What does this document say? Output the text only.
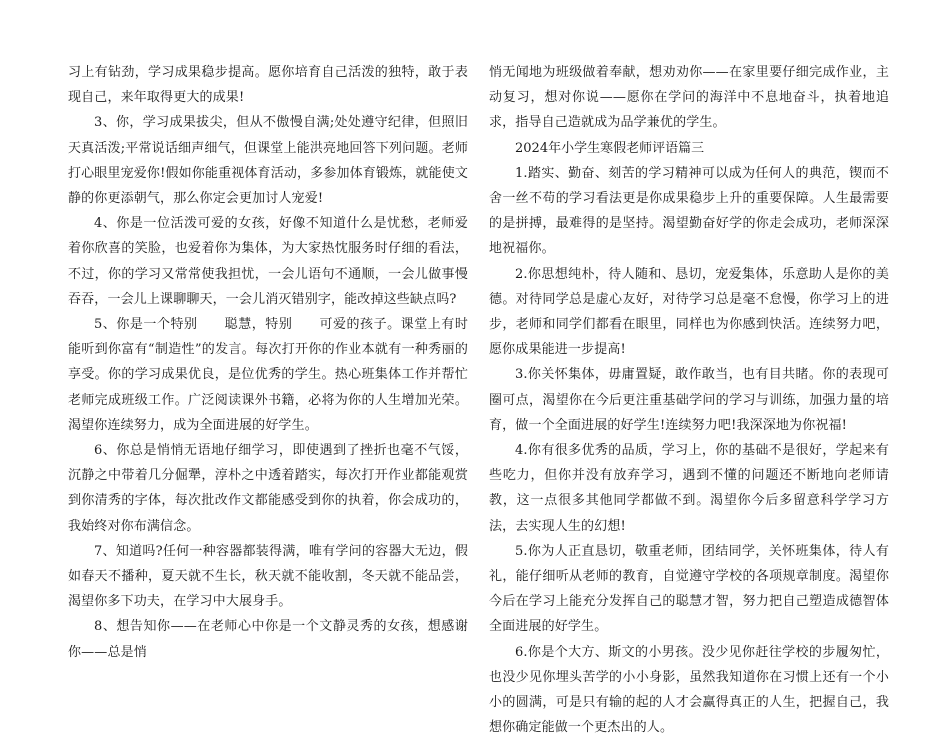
习上有钻劲，学习成果稳步提高。愿你培育自己活泼的独特，敢于表现自己，来年取得更大的成果!

3、你，学习成果拔尖，但从不傲慢自满;处处遵守纪律，但照旧天真活泼;平常说话细声细气，但课堂上能洪亮地回答下列问题。老师打心眼里宠爱你!假如你能重视体育活动，多参加体育锻炼，就能使文静的你更添朝气，那么你定会更加讨人宠爱!

4、你是一位活泼可爱的女孩，好像不知道什么是忧愁，老师爱着你欣喜的笑脸，也爱着你为集体，为大家热忱服务时仔细的看法，不过，你的学习又常常使我担忧，一会儿语句不通顺，一会儿做事慢吞吞，一会儿上课聊聊天，一会儿消灭错别字，能改掉这些缺点吗?

5、你是一个特别　　聪慧，特别　　可爱的孩子。课堂上有时能听到你富有“制造性”的发言。每次打开你的作业本就有一种秀丽的享受。你的学习成果优良，是位优秀的学生。热心班集体工作并帮忙老师完成班级工作。广泛阅读课外书籍，必将为你的人生增加光荣。渴望你连续努力，成为全面进展的好学生。

6、你总是悄悄无语地仔细学习，即使遇到了挫折也毫不气馁，沉静之中带着几分倔犟，淳朴之中透着踏实，每次打开作业都能观赏到你清秀的字体，每次批改作文都能感受到你的执着，你会成功的，我始终对你布满信念。

7、知道吗?任何一种容器都装得满，唯有学问的容器大无边，假如春天不播种，夏天就不生长，秋天就不能收割，冬天就不能品尝，渴望你多下功夫，在学习中大展身手。

8、想告知你——在老师心中你是一个文静灵秀的女孩，想感谢你——总是悄

悄无闻地为班级做着奉献，想劝劝你——在家里要仔细完成作业，主动复习，想对你说——愿你在学问的海洋中不息地奋斗，执着地追求，指导自己造就成为品学兼优的学生。

2024年小学生寒假老师评语篇三

1.踏实、勤奋、刻苦的学习精神可以成为任何人的典范，锲而不舍一丝不苟的学习看法更是你成果稳步上升的重要保障。人生最需要的是拼搏，最难得的是坚持。渴望勤奋好学的你走会成功，老师深深地祝福你。

2.你思想纯朴，待人随和、恳切，宠爱集体，乐意助人是你的美德。对待同学总是虚心友好，对待学习总是毫不怠慢，你学习上的进步，老师和同学们都看在眼里，同样也为你感到快活。连续努力吧，愿你成果能进一步提高!

3.你关怀集体，毋庸置疑，敢作敢当，也有目共睹。你的表现可圈可点，渴望你在今后更注重基础学问的学习与训练，加强力量的培育，做一个全面进展的好学生!连续努力吧!我深深地为你祝福!

4.你有很多优秀的品质，学习上，你的基础不是很好，学起来有些吃力，但你并没有放弃学习，遇到不懂的问题还不断地向老师请教，这一点很多其他同学都做不到。渴望你今后多留意科学学习方法，去实现人生的幻想!

5.你为人正直恳切，敬重老师，团结同学，关怀班集体，待人有礼，能仔细听从老师的教育，自觉遵守学校的各项规章制度。渴望你今后在学习上能充分发挥自己的聪慧才智，努力把自己塑造成德智体全面进展的好学生。

6.你是个大方、斯文的小男孩。没少见你赶往学校的步履匆忙，也没少见你埋头苦学的小小身影，虽然我知道你在习惯上还有一个小小的圆满，可是只有输的起的人才会赢得真正的人生，把握自己，我想你确定能做一个更杰出的人。
